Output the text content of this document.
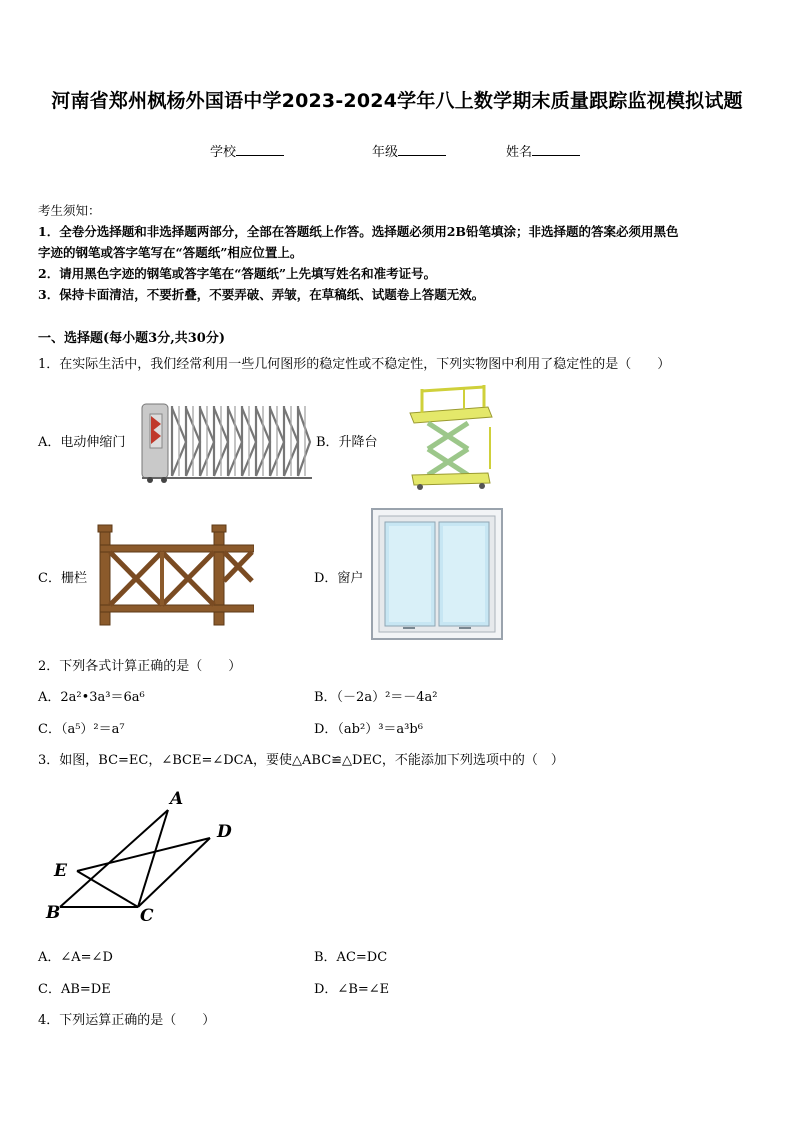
河南省郑州枫杨外国语中学2023-2024学年八上数学期末质量跟踪监视模拟试题
学校	年级	姓名
考生须知：
1．全卷分选择题和非选择题两部分，全部在答题纸上作答。选择题必须用2B铅笔填涂；非选择题的答案必须用黑色
字迹的钢笔或答字笔写在“答题纸”相应位置上。
2．请用黑色字迹的钢笔或答字笔在“答题纸”上先填写姓名和准考证号。
3．保持卡面清洁，不要折叠，不要弄破、弄皱，在草稿纸、试题卷上答题无效。
一、选择题(每小题3分,共30分)
1．在实际生活中，我们经常利用一些几何图形的稳定性或不稳定性，下列实物图中利用了稳定性的是（　　）
A．电动伸缩门	B．升降台
C．栅栏	D．窗户
2．下列各式计算正确的是（　　）
A．2a²•3a³＝6a⁶	B．（－2a）²＝－4a²
C．（a⁵）²＝a⁷	D．（ab²）³＝a³b⁶
3．如图，BC=EC，∠BCE=∠DCA，要使△ABC≌△DEC，不能添加下列选项中的（　）
A
D
E
B	C
A．∠A=∠D	B．AC=DC
C．AB=DE	D．∠B=∠E
4．下列运算正确的是（　　）
